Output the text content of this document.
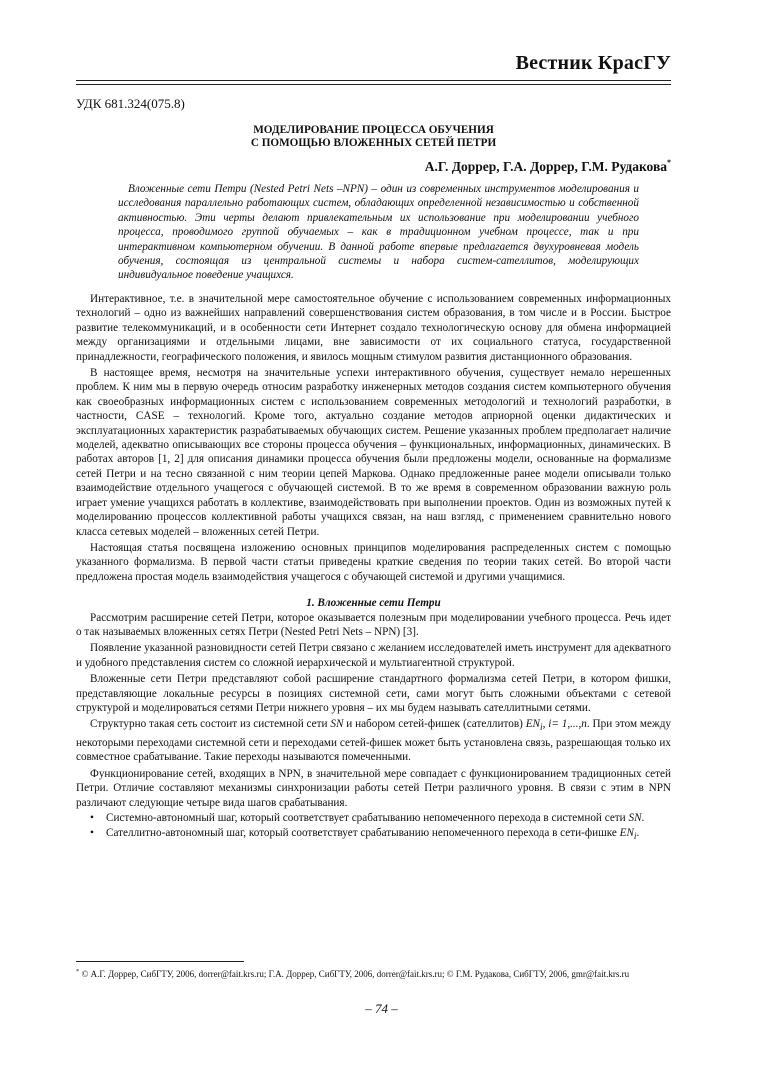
Вестник КрасГУ
УДК 681.324(075.8)
МОДЕЛИРОВАНИЕ ПРОЦЕССА ОБУЧЕНИЯ
С ПОМОЩЬЮ ВЛОЖЕННЫХ СЕТЕЙ ПЕТРИ
А.Г. Доррер, Г.А. Доррер, Г.М. Рудакова*

Вложенные сети Петри (Nested Petri Nets –NPN) – один из современных инструментов моделирования и исследования параллельно работающих систем, обладающих определенной независимостью и собственной активностью. Эти черты делают привлекательным их использование при моделировании учебного процесса, проводимого группой обучаемых – как в традиционном учебном процессе, так и при интерактивном компьютерном обучении. В данной работе впервые предлагается двухуровневая модель обучения, состоящая из центральной системы и набора систем-сателлитов, моделирующих индивидуальное поведение учащихся.

Интерактивное, т.е. в значительной мере самостоятельное обучение с использованием современных информационных технологий – одно из важнейших направлений совершенствования систем образования, в том числе и в России. Быстрое развитие телекоммуникаций, и в особенности сети Интернет создало технологическую основу для обмена информацией между организациями и отдельными лицами, вне зависимости от их социального статуса, государственной принадлежности, географического положения, и явилось мощным стимулом развития дистанционного образования.

В настоящее время, несмотря на значительные успехи интерактивного обучения, существует немало нерешенных проблем. К ним мы в первую очередь относим разработку инженерных методов создания систем компьютерного обучения как своеобразных информационных систем с использованием современных методологий и технологий разработки, в частности, CASE – технологий. Кроме того, актуально создание методов априорной оценки дидактических и эксплуатационных характеристик разрабатываемых обучающих систем. Решение указанных проблем предполагает наличие моделей, адекватно описывающих все стороны процесса обучения – функциональных, информационных, динамических. В работах авторов [1, 2] для описания динамики процесса обучения были предложены модели, основанные на формализме сетей Петри и на тесно связанной с ним теории цепей Маркова. Однако предложенные ранее модели описывали только взаимодействие отдельного учащегося с обучающей системой. В то же время в современном образовании важную роль играет умение учащихся работать в коллективе, взаимодействовать при выполнении проектов. Один из возможных путей к моделированию процессов коллективной работы учащихся связан, на наш взгляд, с применением сравнительно нового класса сетевых моделей – вложенных сетей Петри.

Настоящая статья посвящена изложению основных принципов моделирования распределенных систем с помощью указанного формализма. В первой части статьи приведены краткие сведения по теории таких сетей. Во второй части предложена простая модель взаимодействия учащегося с обучающей системой и другими учащимися.

1. Вложенные сети Петри

Рассмотрим расширение сетей Петри, которое оказывается полезным при моделировании учебного процесса. Речь идет о так называемых вложенных сетях Петри (Nested Petri Nets – NPN) [3].

Появление указанной разновидности сетей Петри связано с желанием исследователей иметь инструмент для адекватного и удобного представления систем со сложной иерархической и мультиагентной структурой.

Вложенные сети Петри представляют собой расширение стандартного формализма сетей Петри, в котором фишки, представляющие локальные ресурсы в позициях системной сети, сами могут быть сложными объектами с сетевой структурой и моделироваться сетями Петри нижнего уровня – их мы будем называть сателлитными сетями.

Структурно такая сеть состоит из системной сети SN и набором сетей-фишек (сателлитов) $EN_i$, i= 1,...,n. При этом между некоторыми переходами системной сети и переходами сетей-фишек может быть установлена связь, разрешающая только их совместное срабатывание. Такие переходы называются помеченными.

Функционирование сетей, входящих в NPN, в значительной мере совпадает с функционированием традиционных сетей Петри. Отличие составляют механизмы синхронизации работы сетей Петри различного уровня. В связи с этим в NPN различают следующие четыре вида шагов срабатывания.

• Системно-автономный шаг, который соответствует срабатыванию непомеченного перехода в системной сети SN.
• Сателлитно-автономный шаг, который соответствует срабатыванию непомеченного перехода в сети-фишке $EN_i$.
* © А.Г. Доррер, СибГТУ, 2006, dorrer@fait.krs.ru; Г.А. Доррер, СибГТУ, 2006, dorrer@fait.krs.ru; © Г.М. Рудакова, СибГТУ, 2006, gmr@fait.krs.ru
– 74 –
